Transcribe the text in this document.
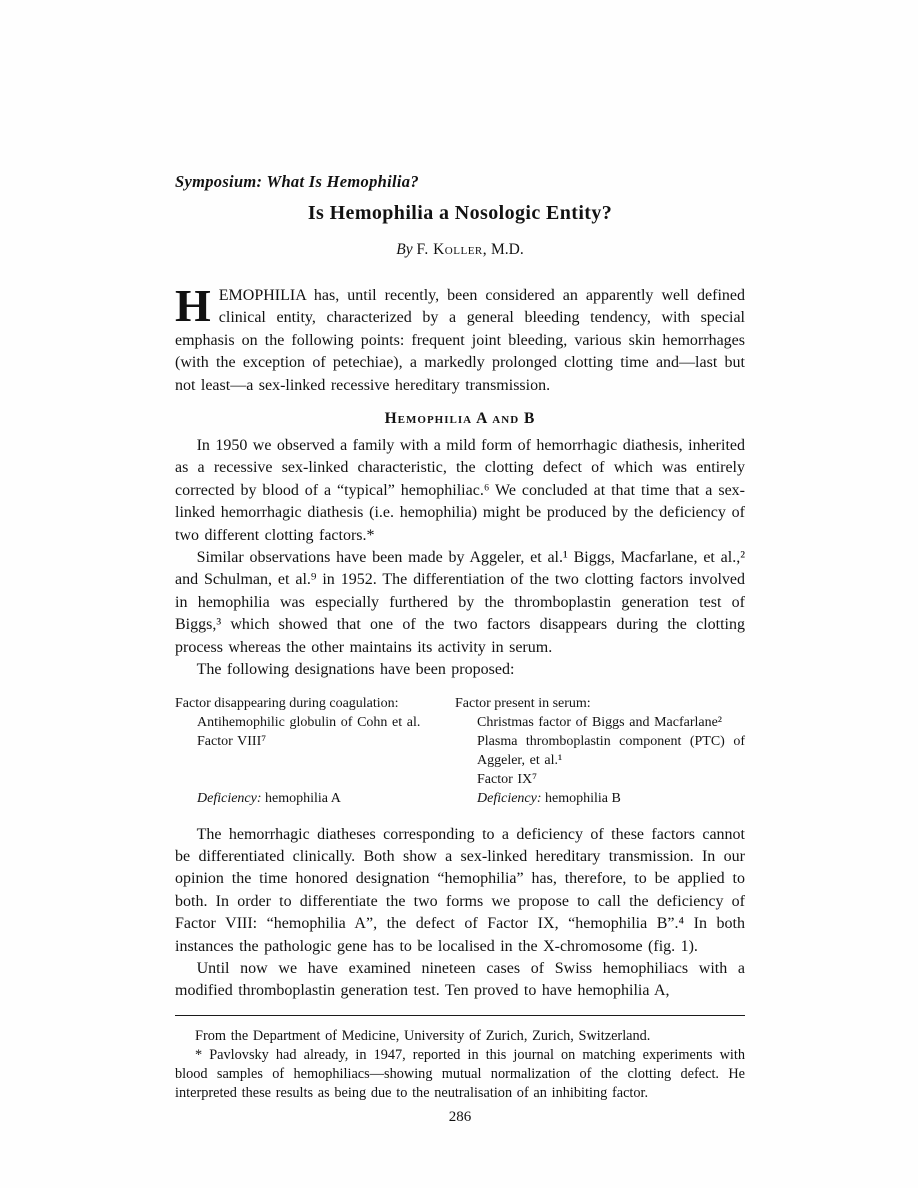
Symposium: What Is Hemophilia?

Is Hemophilia a Nosologic Entity?

By F. Koller, M.D.

HEMOPHILIA has, until recently, been considered an apparently well defined clinical entity, characterized by a general bleeding tendency, with special emphasis on the following points: frequent joint bleeding, various skin hemorrhages (with the exception of petechiae), a markedly prolonged clotting time and—last but not least—a sex-linked recessive hereditary transmission.

Hemophilia A and B

In 1950 we observed a family with a mild form of hemorrhagic diathesis, inherited as a recessive sex-linked characteristic, the clotting defect of which was entirely corrected by blood of a “typical” hemophiliac.⁶ We concluded at that time that a sex-linked hemorrhagic diathesis (i.e. hemophilia) might be produced by the deficiency of two different clotting factors.*

Similar observations have been made by Aggeler, et al.¹ Biggs, Macfarlane, et al.,² and Schulman, et al.⁹ in 1952. The differentiation of the two clotting factors involved in hemophilia was especially furthered by the thromboplastin generation test of Biggs,³ which showed that one of the two factors disappears during the clotting process whereas the other maintains its activity in serum.

The following designations have been proposed:

Factor disappearing during coagulation:

Antihemophilic globulin of Cohn et al.

Factor VIII⁷

Deficiency: hemophilia A

Factor present in serum:

Christmas factor of Biggs and Macfarlane²

Plasma thromboplastin component (PTC) of Aggeler, et al.¹

Factor IX⁷

Deficiency: hemophilia B

The hemorrhagic diatheses corresponding to a deficiency of these factors cannot be differentiated clinically. Both show a sex-linked hereditary transmission. In our opinion the time honored designation “hemophilia” has, therefore, to be applied to both. In order to differentiate the two forms we propose to call the deficiency of Factor VIII: “hemophilia A”, the defect of Factor IX, “hemophilia B”.⁴ In both instances the pathologic gene has to be localised in the X-chromosome (fig. 1).

Until now we have examined nineteen cases of Swiss hemophiliacs with a modified thromboplastin generation test. Ten proved to have hemophilia A,

From the Department of Medicine, University of Zurich, Zurich, Switzerland.

* Pavlovsky had already, in 1947, reported in this journal on matching experiments with blood samples of hemophiliacs—showing mutual normalization of the clotting defect. He interpreted these results as being due to the neutralisation of an inhibiting factor.

286
